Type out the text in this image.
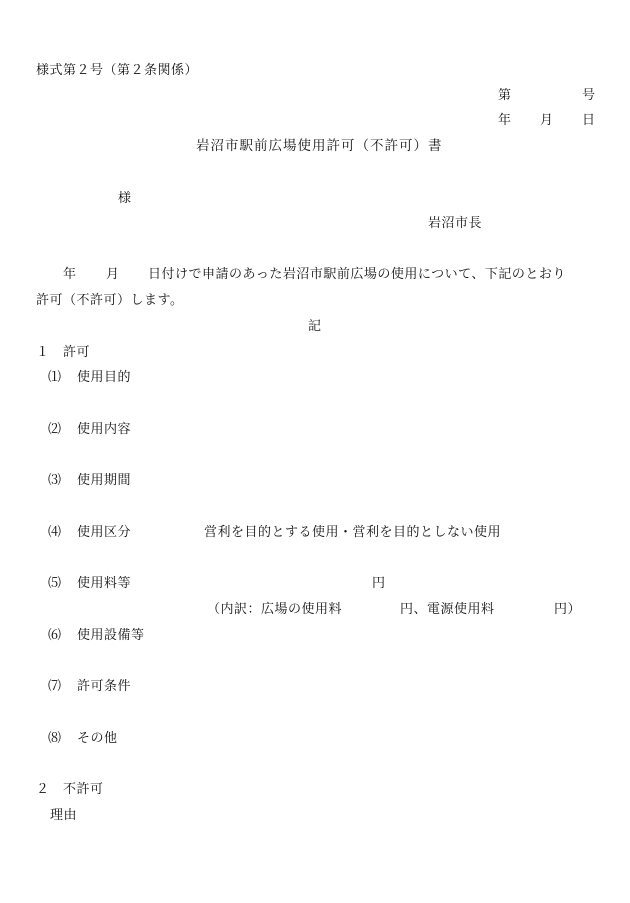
様式第２号（第２条関係）
第	号
年 月 日
岩沼市駅前広場使用許可（不許可）書
様
岩沼市長
年 月 日付けで申請のあった岩沼市駅前広場の使用について、下記のとおり
許可（不許可）します。
記
１　許可
⑴ 使用目的
⑵ 使用内容
⑶ 使用期間
⑷ 使用区分	営利を目的とする使用・営利を目的としない使用
⑸ 使用料等	円
（内訳：広場の使用料	円、電源使用料	円）
⑹ 使用設備等
⑺ 許可条件
⑻ その他
２　不許可
理由
